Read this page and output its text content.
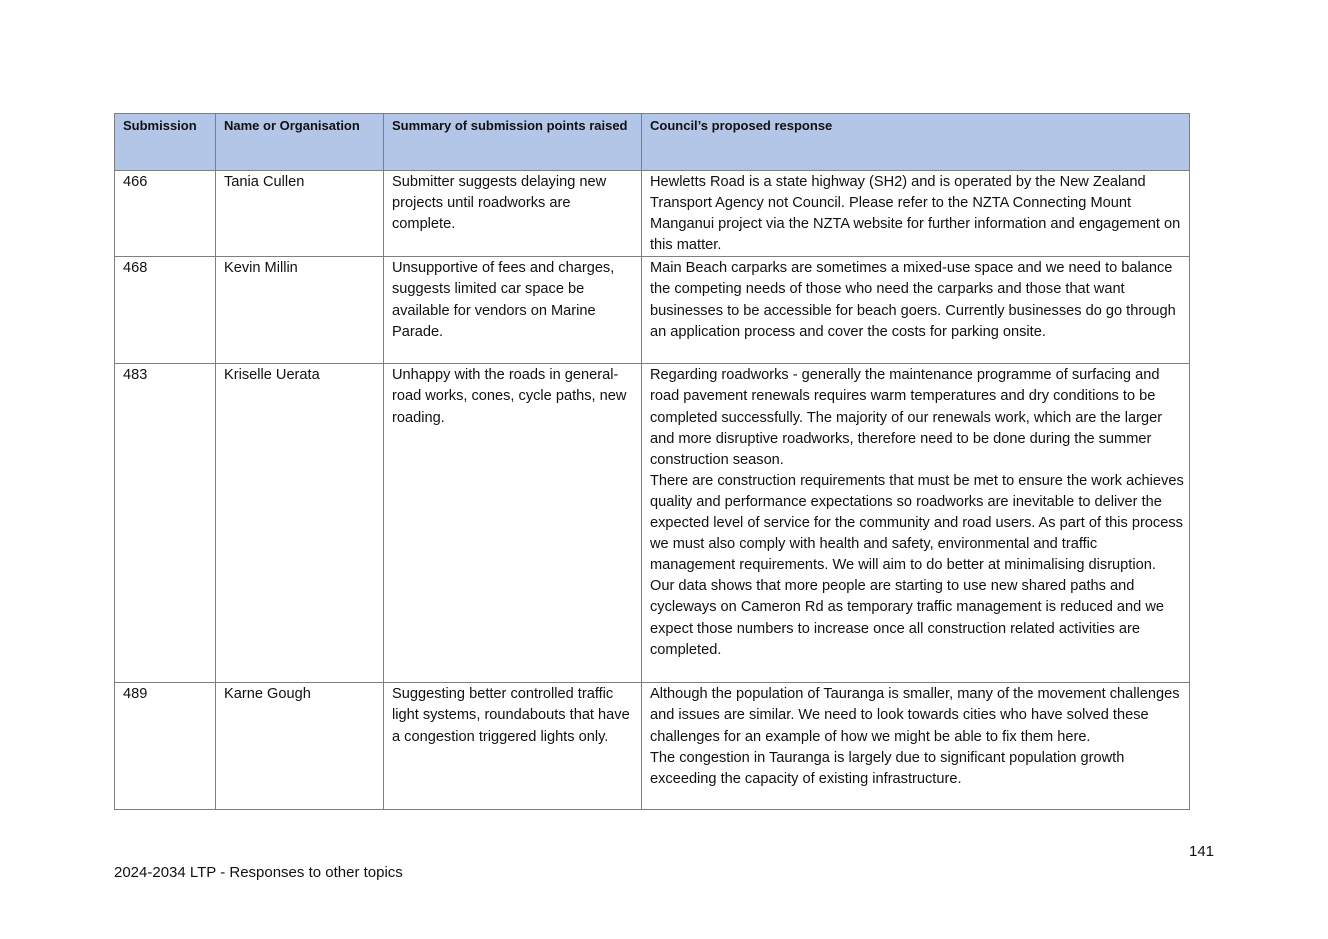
Submission	Name or Organisation	Summary of submission points raised	Council’s proposed response
466	Tania Cullen	Submitter suggests delaying new projects until roadworks are complete.	Hewletts Road is a state highway (SH2) and is operated by the New Zealand Transport Agency not Council. Please refer to the NZTA Connecting Mount Manganui project via the NZTA website for further information and engagement on this matter.

468	Kevin Millin	Unsupportive of fees and charges, suggests limited car space be available for vendors on Marine Parade.	Main Beach carparks are sometimes a mixed-use space and we need to balance the competing needs of those who need the carparks and those that want businesses to be accessible for beach goers. Currently businesses do go through an application process and cover the costs for parking onsite.

483	Kriselle Uerata	Unhappy with the roads in general- road works, cones, cycle paths, new roading.	Regarding roadworks - generally the maintenance programme of surfacing and road pavement renewals requires warm temperatures and dry conditions to be completed successfully. The majority of our renewals work, which are the larger and more disruptive roadworks, therefore need to be done during the summer construction season.
There are construction requirements that must be met to ensure the work achieves quality and performance expectations so roadworks are inevitable to deliver the expected level of service for the community and road users. As part of this process we must also comply with health and safety, environmental and traffic management requirements. We will aim to do better at minimalising disruption.
Our data shows that more people are starting to use new shared paths and cycleways on Cameron Rd as temporary traffic management is reduced and we expect those numbers to increase once all construction related activities are completed.

489	Karne Gough	Suggesting better controlled traffic light systems, roundabouts that have a congestion triggered lights only.	Although the population of Tauranga is smaller, many of the movement challenges and issues are similar. We need to look towards cities who have solved these challenges for an example of how we might be able to fix them here.
The congestion in Tauranga is largely due to significant population growth exceeding the capacity of existing infrastructure.
141
2024-2034 LTP - Responses to other topics
